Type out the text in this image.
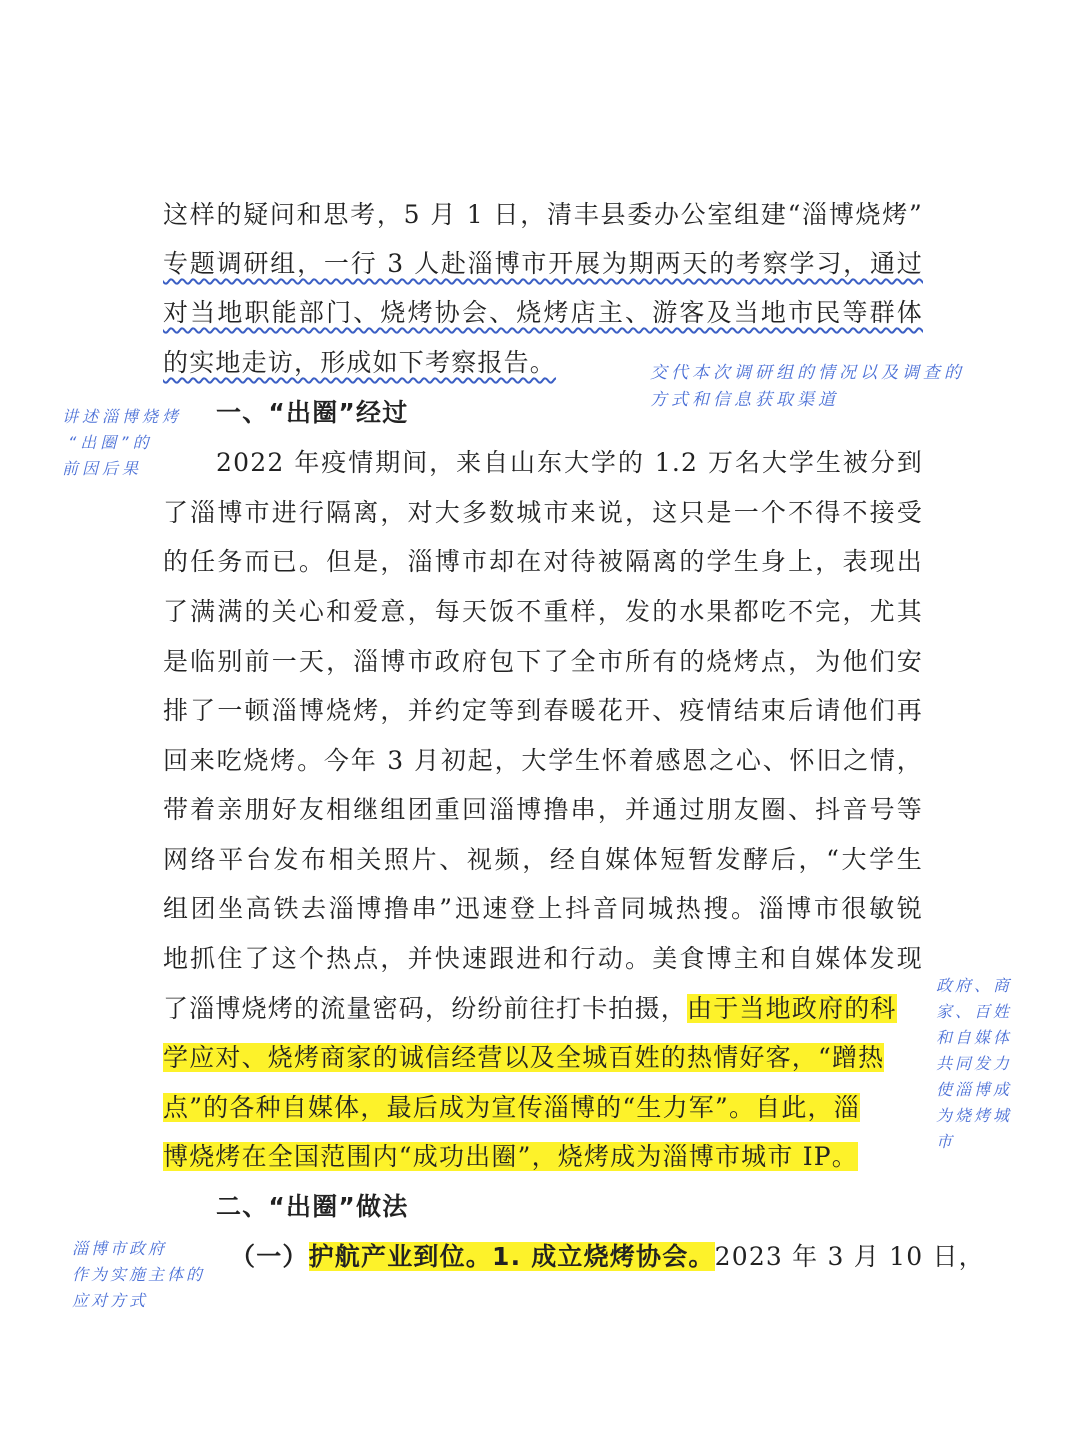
这样的疑问和思考，5 月 1 日，清丰县委办公室组建“淄博烧烤”
专题调研组，一行 3 人赴淄博市开展为期两天的考察学习，通过
对当地职能部门、烧烤协会、烧烤店主、游客及当地市民等群体
的实地走访，形成如下考察报告。
一、“出圈”经过
2022 年疫情期间，来自山东大学的 1.2 万名大学生被分到
了淄博市进行隔离，对大多数城市来说，这只是一个不得不接受
的任务而已。但是，淄博市却在对待被隔离的学生身上，表现出
了满满的关心和爱意，每天饭不重样，发的水果都吃不完，尤其
是临别前一天，淄博市政府包下了全市所有的烧烤点，为他们安
排了一顿淄博烧烤，并约定等到春暖花开、疫情结束后请他们再
回来吃烧烤。今年 3 月初起，大学生怀着感恩之心、怀旧之情，
带着亲朋好友相继组团重回淄博撸串，并通过朋友圈、抖音号等
网络平台发布相关照片、视频，经自媒体短暂发酵后，“大学生
组团坐高铁去淄博撸串”迅速登上抖音同城热搜。淄博市很敏锐
地抓住了这个热点，并快速跟进和行动。美食博主和自媒体发现
了淄博烧烤的流量密码，纷纷前往打卡拍摄，由于当地政府的科
学应对、烧烤商家的诚信经营以及全城百姓的热情好客，“蹭热
点”的各种自媒体，最后成为宣传淄博的“生力军”。自此，淄
博烧烤在全国范围内“成功出圈”，烧烤成为淄博市城市 IP。
二、“出圈”做法
（一）护航产业到位。1. 成立烧烤协会。2023 年 3 月 10 日，
交代本次调研组的情况以及调查的
方式和信息获取渠道
讲述淄博烧烤
“出圈”的
前因后果
政府、商
家、百姓
和自媒体
共同发力
使淄博成
为烧烤城
市
淄博市政府
作为实施主体的
应对方式
